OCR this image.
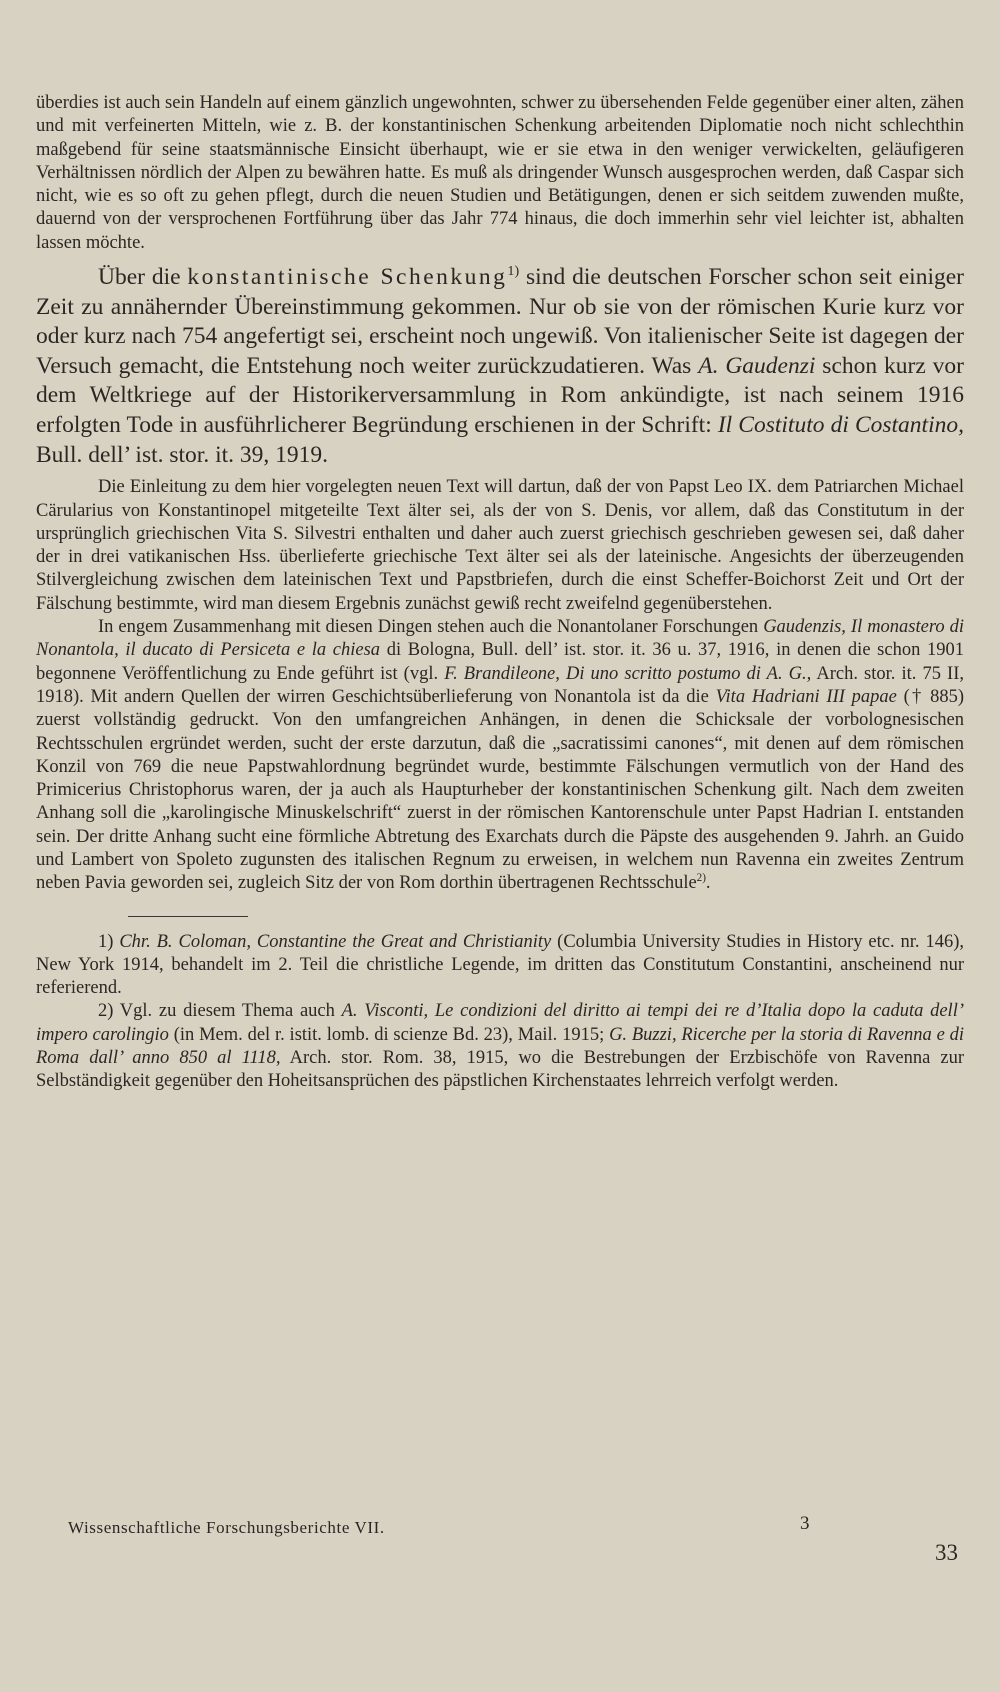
überdies ist auch sein Handeln auf einem gänzlich ungewohnten, schwer zu übersehenden Felde gegenüber einer alten, zähen und mit verfeinerten Mitteln, wie z. B. der konstantinischen Schenkung arbeitenden Diplomatie noch nicht schlechthin maßgebend für seine staatsmännische Einsicht überhaupt, wie er sie etwa in den weniger verwickelten, geläufigeren Verhältnissen nördlich der Alpen zu bewähren hatte. Es muß als dringender Wunsch ausgesprochen werden, daß Caspar sich nicht, wie es so oft zu gehen pflegt, durch die neuen Studien und Betätigungen, denen er sich seitdem zuwenden mußte, dauernd von der versprochenen Fortführung über das Jahr 774 hinaus, die doch immerhin sehr viel leichter ist, abhalten lassen möchte.

Über die konstantinische Schenkung$^{1)}$ sind die deutschen Forscher schon seit einiger Zeit zu annähernder Übereinstimmung gekommen. Nur ob sie von der römischen Kurie kurz vor oder kurz nach 754 angefertigt sei, erscheint noch ungewiß. Von italienischer Seite ist dagegen der Versuch gemacht, die Entstehung noch weiter zurückzudatieren. Was A. Gaudenzi schon kurz vor dem Weltkriege auf der Historikerversammlung in Rom ankündigte, ist nach seinem 1916 erfolgten Tode in ausführlicherer Begründung erschienen in der Schrift: Il Costituto di Costantino, Bull. dell’ ist. stor. it. 39, 1919.

Die Einleitung zu dem hier vorgelegten neuen Text will dartun, daß der von Papst Leo IX. dem Patriarchen Michael Cärularius von Konstantinopel mitgeteilte Text älter sei, als der von S. Denis, vor allem, daß das Constitutum in der ursprünglich griechischen Vita S. Silvestri enthalten und daher auch zuerst griechisch geschrieben gewesen sei, daß daher der in drei vatikanischen Hss. überlieferte griechische Text älter sei als der lateinische. Angesichts der überzeugenden Stilvergleichung zwischen dem lateinischen Text und Papstbriefen, durch die einst Scheffer-Boichorst Zeit und Ort der Fälschung bestimmte, wird man diesem Ergebnis zunächst gewiß recht zweifelnd gegenüberstehen.

In engem Zusammenhang mit diesen Dingen stehen auch die Nonantolaner Forschungen Gaudenzis, Il monastero di Nonantola, il ducato di Persiceta e la chiesa di Bologna, Bull. dell’ ist. stor. it. 36 u. 37, 1916, in denen die schon 1901 begonnene Veröffentlichung zu Ende geführt ist (vgl. F. Brandileone, Di uno scritto postumo di A. G., Arch. stor. it. 75 II, 1918). Mit andern Quellen der wirren Geschichtsüberlieferung von Nonantola ist da die Vita Hadriani III papae († 885) zuerst vollständig gedruckt. Von den umfangreichen Anhängen, in denen die Schicksale der vorbolognesischen Rechtsschulen ergründet werden, sucht der erste darzutun, daß die „sacratissimi canones“, mit denen auf dem römischen Konzil von 769 die neue Papstwahlordnung begründet wurde, bestimmte Fälschungen vermutlich von der Hand des Primicerius Christophorus waren, der ja auch als Haupturheber der konstantinischen Schenkung gilt. Nach dem zweiten Anhang soll die „karolingische Minuskelschrift“ zuerst in der römischen Kantorenschule unter Papst Hadrian I. entstanden sein. Der dritte Anhang sucht eine förmliche Abtretung des Exarchats durch die Päpste des ausgehenden 9. Jahrh. an Guido und Lambert von Spoleto zugunsten des italischen Regnum zu erweisen, in welchem nun Ravenna ein zweites Zentrum neben Pavia geworden sei, zugleich Sitz der von Rom dorthin übertragenen Rechtsschule$^{2)}$.

1) Chr. B. Coloman, Constantine the Great and Christianity (Columbia University Studies in History etc. nr. 146), New York 1914, behandelt im 2. Teil die christliche Legende, im dritten das Constitutum Constantini, anscheinend nur referierend.

2) Vgl. zu diesem Thema auch A. Visconti, Le condizioni del diritto ai tempi dei re d’Italia dopo la caduta dell’ impero carolingio (in Mem. del r. istit. lomb. di scienze Bd. 23), Mail. 1915; G. Buzzi, Ricerche per la storia di Ravenna e di Roma dall’ anno 850 al 1118, Arch. stor. Rom. 38, 1915, wo die Bestrebungen der Erzbischöfe von Ravenna zur Selbständigkeit gegenüber den Hoheitsansprüchen des päpstlichen Kirchenstaates lehrreich verfolgt werden.

Wissenschaftliche Forschungsberichte VII.	3
33
